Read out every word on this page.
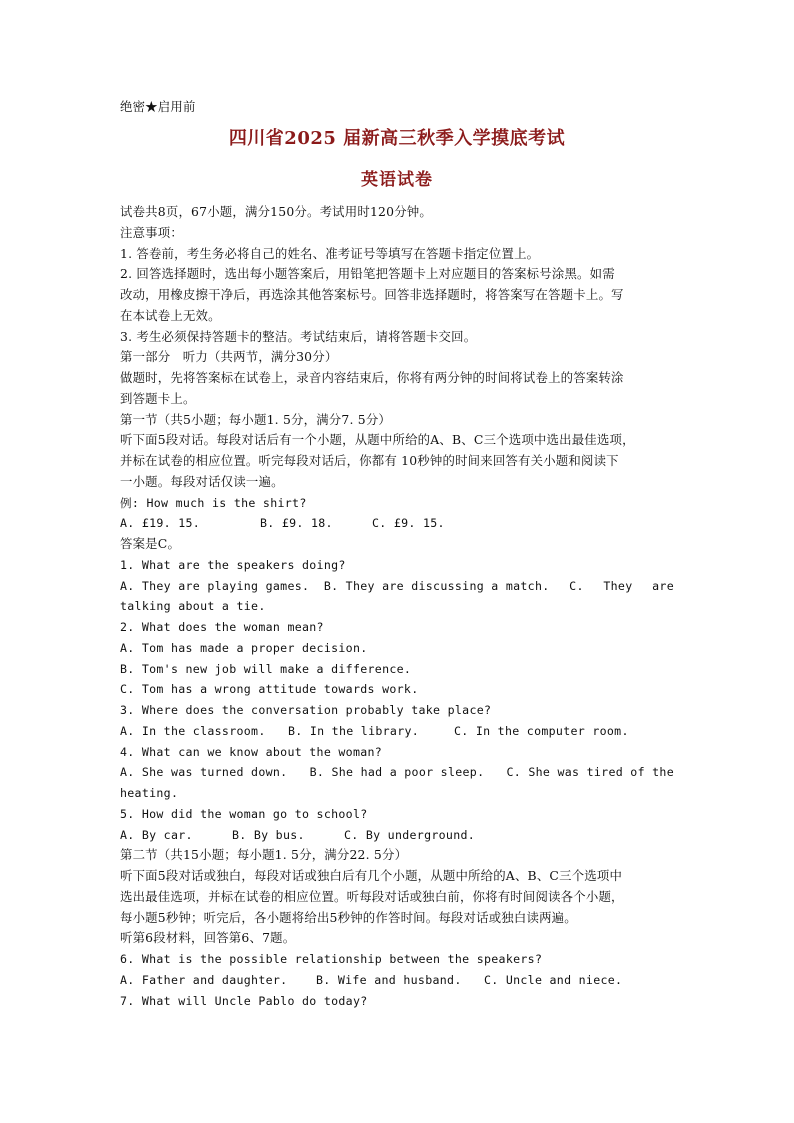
绝密★启用前
四川省2025 届新高三秋季入学摸底考试
英语试卷
试卷共8页，67小题，满分150分。考试用时120分钟。
注意事项：
1. 答卷前，考生务必将自己的姓名、准考证号等填写在答题卡指定位置上。
2. 回答选择题时，选出每小题答案后，用铅笔把答题卡上对应题目的答案标号涂黑。如需
改动，用橡皮擦干净后，再选涂其他答案标号。回答非选择题时，将答案写在答题卡上。写
在本试卷上无效。
3. 考生必须保持答题卡的整洁。考试结束后，请将答题卡交回。
第一部分   听力（共两节，满分30分）
做题时，先将答案标在试卷上，录音内容结束后，你将有两分钟的时间将试卷上的答案转涂
到答题卡上。
第一节（共5小题；每小题1. 5分，满分7. 5分）
听下面5段对话。每段对话后有一个小题，从题中所给的A、B、C三个选项中选出最佳选项，
并标在试卷的相应位置。听完每段对话后，你都有 10秒钟的时间来回答有关小题和阅读下
一小题。每段对话仅读一遍。
例: How much is the shirt?
A. £19. 15.	B. £9. 18.	C. £9. 15.
答案是C。
1. What are the speakers doing?
A. They are playing games.  B. They are discussing a match. C. They are
talking about a tie.
2. What does the woman mean?
A. Tom has made a proper decision.
B. Tom's new job will make a difference.
C. Tom has a wrong attitude towards work.
3. Where does the conversation probably take place?
A. In the classroom.	B. In the library.	C. In the computer room.
4. What can we know about the woman?
A. She was turned down. B. She had a poor sleep. C. She was tired of the
heating.
5. How did the woman go to school?
A. By car.	B. By bus.	C. By underground.
第二节（共15小题；每小题1. 5分，满分22. 5分）
听下面5段对话或独白，每段对话或独白后有几个小题，从题中所给的A、B、C三个选项中
选出最佳选项，并标在试卷的相应位置。听每段对话或独白前，你将有时间阅读各个小题，
每小题5秒钟；听完后，各小题将给出5秒钟的作答时间。每段对话或独白读两遍。
听第6段材料，回答第6、7题。
6. What is the possible relationship between the speakers?
A. Father and daughter.	B. Wife and husband.	C. Uncle and niece.
7. What will Uncle Pablo do today?
